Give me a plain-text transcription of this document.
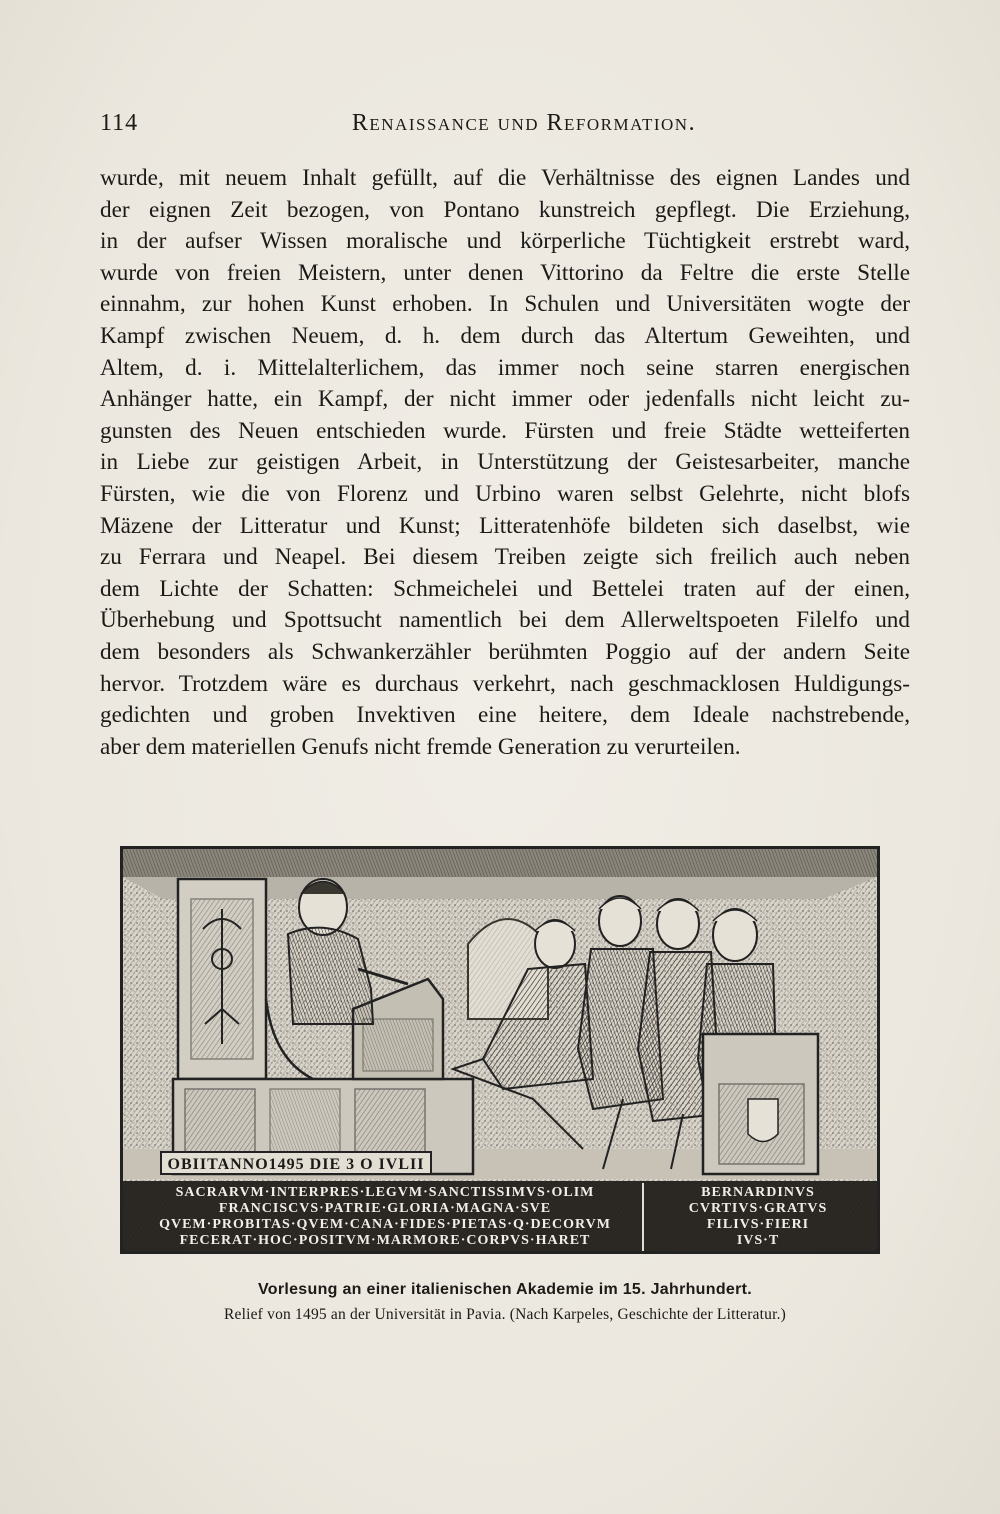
114	Renaissance und Reformation.
wurde, mit neuem Inhalt gefüllt, auf die Verhältnisse des eignen Landes und
der eignen Zeit bezogen, von Pontano kunstreich gepflegt. Die Erziehung,
in der aufser Wissen moralische und körperliche Tüchtigkeit erstrebt ward,
wurde von freien Meistern, unter denen Vittorino da Feltre die erste Stelle
einnahm, zur hohen Kunst erhoben. In Schulen und Universitäten wogte der
Kampf zwischen Neuem, d. h. dem durch das Altertum Geweihten, und
Altem, d. i. Mittelalterlichem, das immer noch seine starren energischen
Anhänger hatte, ein Kampf, der nicht immer oder jedenfalls nicht leicht zu-
gunsten des Neuen entschieden wurde. Fürsten und freie Städte wetteiferten
in Liebe zur geistigen Arbeit, in Unterstützung der Geistesarbeiter, manche
Fürsten, wie die von Florenz und Urbino waren selbst Gelehrte, nicht blofs
Mäzene der Litteratur und Kunst; Litteratenhöfe bildeten sich daselbst, wie
zu Ferrara und Neapel. Bei diesem Treiben zeigte sich freilich auch neben
dem Lichte der Schatten: Schmeichelei und Bettelei traten auf der einen,
Überhebung und Spottsucht namentlich bei dem Allerweltspoeten Filelfo und
dem besonders als Schwankerzähler berühmten Poggio auf der andern Seite
hervor. Trotzdem wäre es durchaus verkehrt, nach geschmacklosen Huldigungs-
gedichten und groben Invektiven eine heitere, dem Ideale nachstrebende,
aber dem materiellen Genufs nicht fremde Generation zu verurteilen.
OBIITANNO1495 DIE 3 O IVLII
SACRARVM·INTERPRES·LEGVM·SANCTISSIMVS·OLIM
FRANCISCVS·PATRIE·GLORIA·MAGNA·SVE
QVEM·PROBITAS·QVEM·CANA·FIDES·PIETAS·Q·DECORVM
FECERAT·HOC·POSITVM·MARMORE·CORPVS·HARET
BERNARDINVS
CVRTIVS·GRATVS
FILIVS·FIERI
IVS·T
Vorlesung an einer italienischen Akademie im 15. Jahrhundert.
Relief von 1495 an der Universität in Pavia. (Nach Karpeles, Geschichte der Litteratur.)
